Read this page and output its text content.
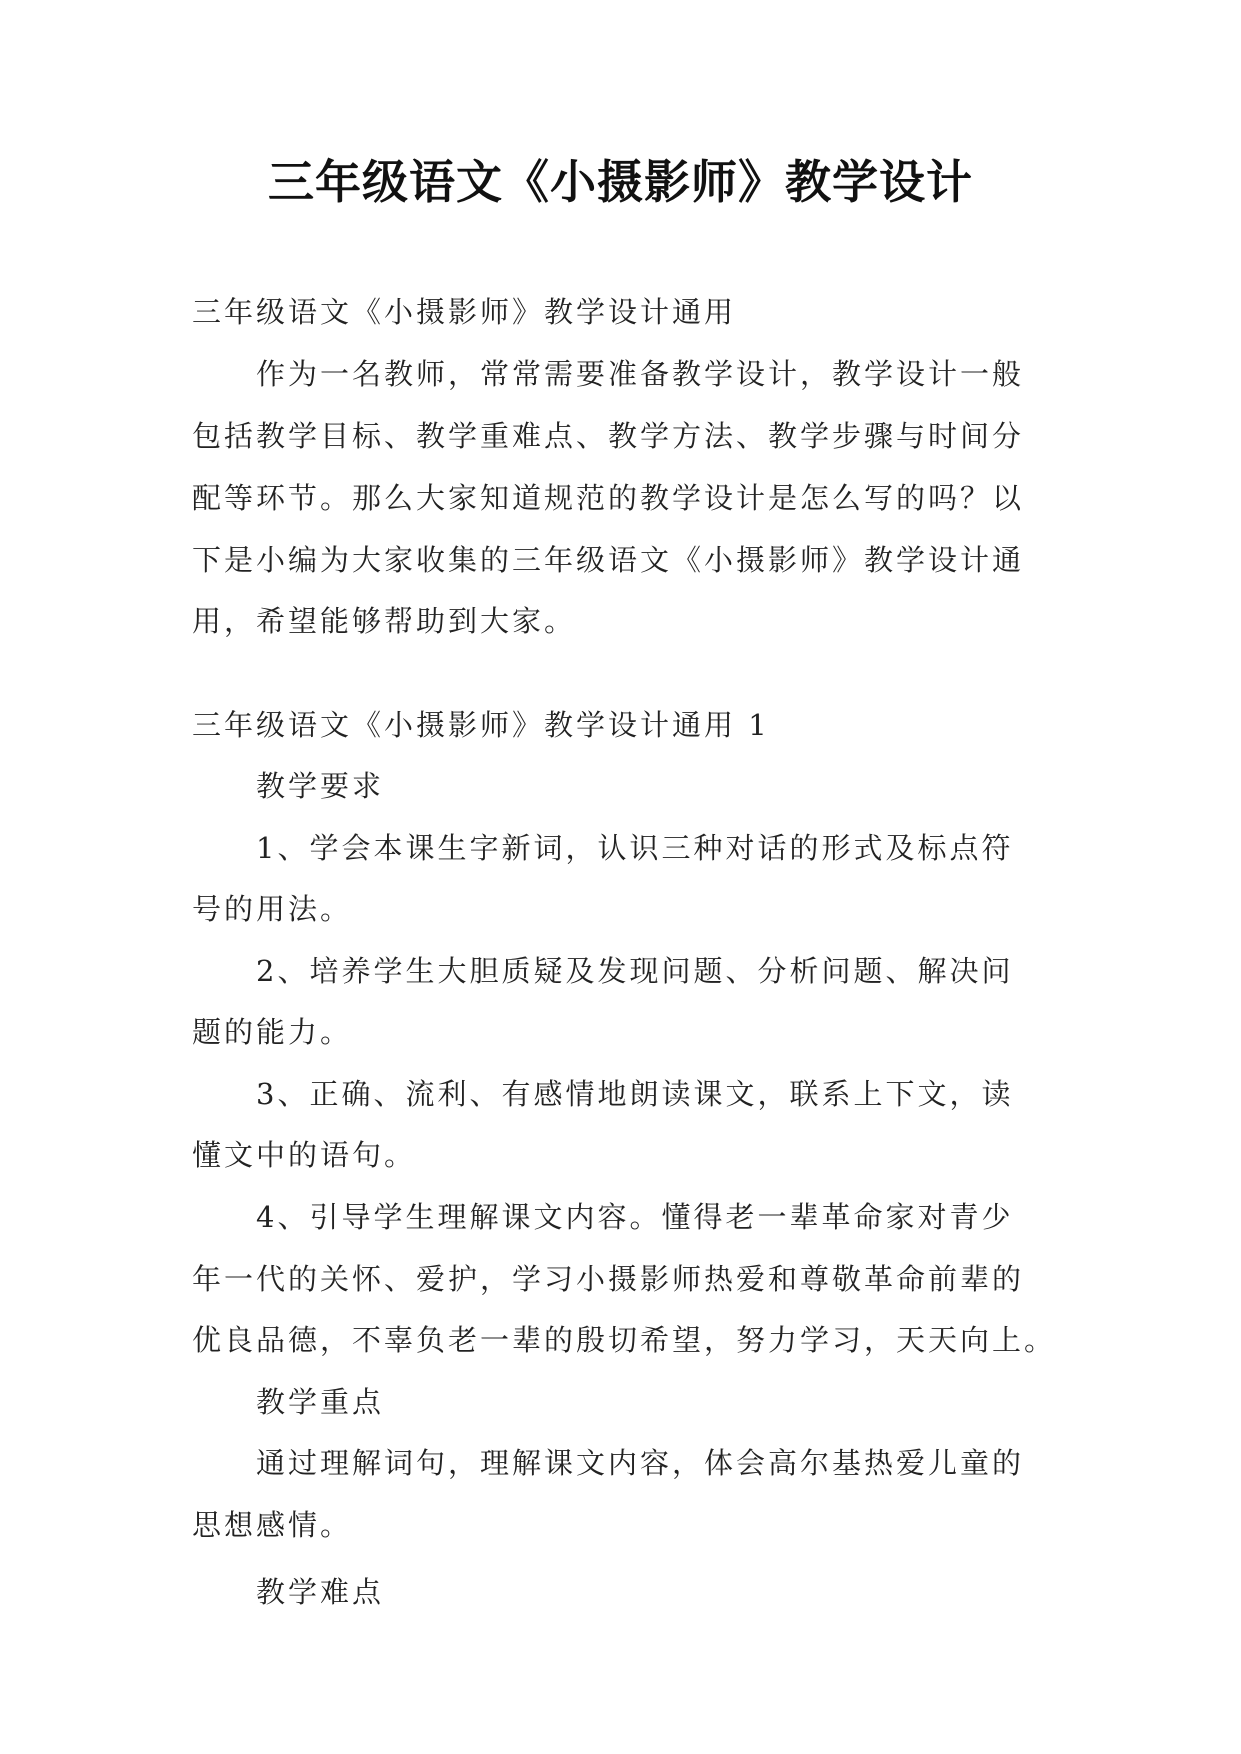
三年级语文《小摄影师》教学设计
三年级语文《小摄影师》教学设计通用
　　作为一名教师，常常需要准备教学设计，教学设计一般
包括教学目标、教学重难点、教学方法、教学步骤与时间分
配等环节。那么大家知道规范的教学设计是怎么写的吗？以
下是小编为大家收集的三年级语文《小摄影师》教学设计通
用，希望能够帮助到大家。
三年级语文《小摄影师》教学设计通用 1
　　教学要求
　　1、学会本课生字新词，认识三种对话的形式及标点符
号的用法。
　　2、培养学生大胆质疑及发现问题、分析问题、解决问
题的能力。
　　3、正确、流利、有感情地朗读课文，联系上下文，读
懂文中的语句。
　　4、引导学生理解课文内容。懂得老一辈革命家对青少
年一代的关怀、爱护，学习小摄影师热爱和尊敬革命前辈的
优良品德，不辜负老一辈的殷切希望，努力学习，天天向上。
　　教学重点
　　通过理解词句，理解课文内容，体会高尔基热爱儿童的
思想感情。
　　教学难点
